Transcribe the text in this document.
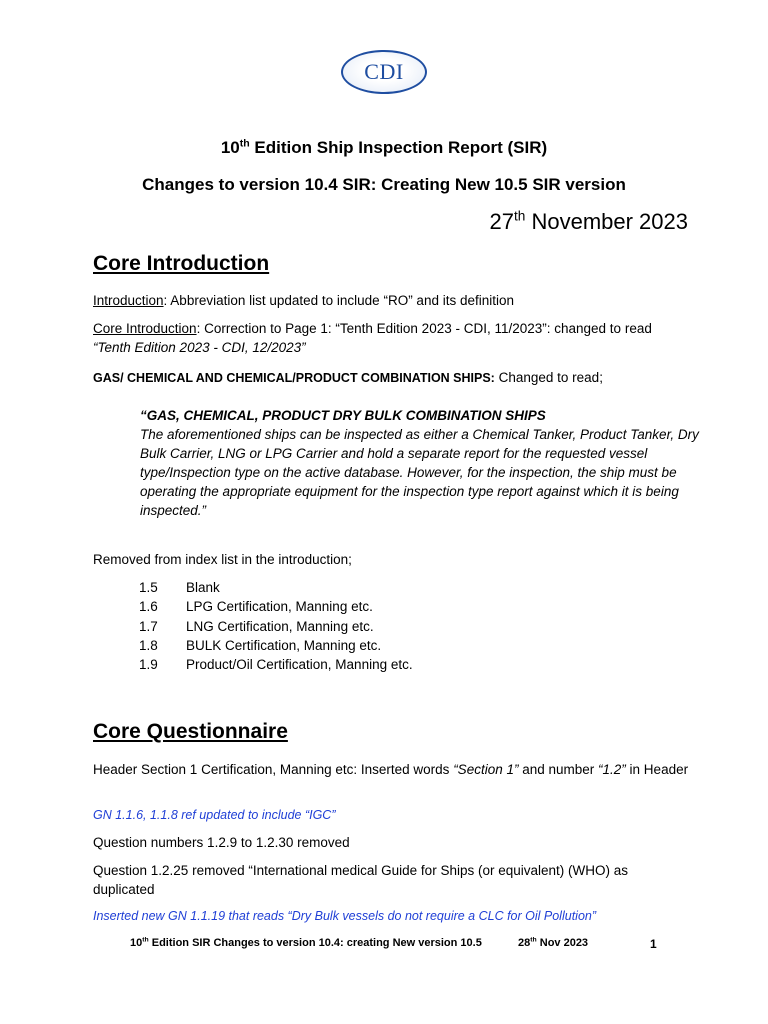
CDI
10th Edition Ship Inspection Report (SIR)
Changes to version 10.4 SIR: Creating New 10.5 SIR version
27th November 2023
Core Introduction
Introduction: Abbreviation list updated to include “RO” and its definition
Core Introduction: Correction to Page 1: “Tenth Edition 2023 - CDI, 11/2023”: changed to read
“Tenth Edition 2023 - CDI, 12/2023”
GAS/ CHEMICAL AND CHEMICAL/PRODUCT COMBINATION SHIPS: Changed to read;
“GAS, CHEMICAL, PRODUCT DRY BULK COMBINATION SHIPS
The aforementioned ships can be inspected as either a Chemical Tanker, Product Tanker, Dry Bulk Carrier, LNG or LPG Carrier and hold a separate report for the requested vessel type/Inspection type on the active database. However, for the inspection, the ship must be operating the appropriate equipment for the inspection type report against which it is being inspected.”
Removed from index list in the introduction;
1.5 Blank
1.6 LPG Certification, Manning etc.
1.7 LNG Certification, Manning etc.
1.8 BULK Certification, Manning etc.
1.9 Product/Oil Certification, Manning etc.
Core Questionnaire
Header Section 1 Certification, Manning etc: Inserted words “Section 1” and number “1.2” in Header
GN 1.1.6, 1.1.8 ref updated to include “IGC”
Question numbers 1.2.9 to 1.2.30 removed
Question 1.2.25 removed “International medical Guide for Ships (or equivalent) (WHO) as duplicated
Inserted new GN 1.1.19 that reads “Dry Bulk vessels do not require a CLC for Oil Pollution”
10th Edition SIR Changes to version 10.4: creating New version 10.5	28th Nov 2023	1
